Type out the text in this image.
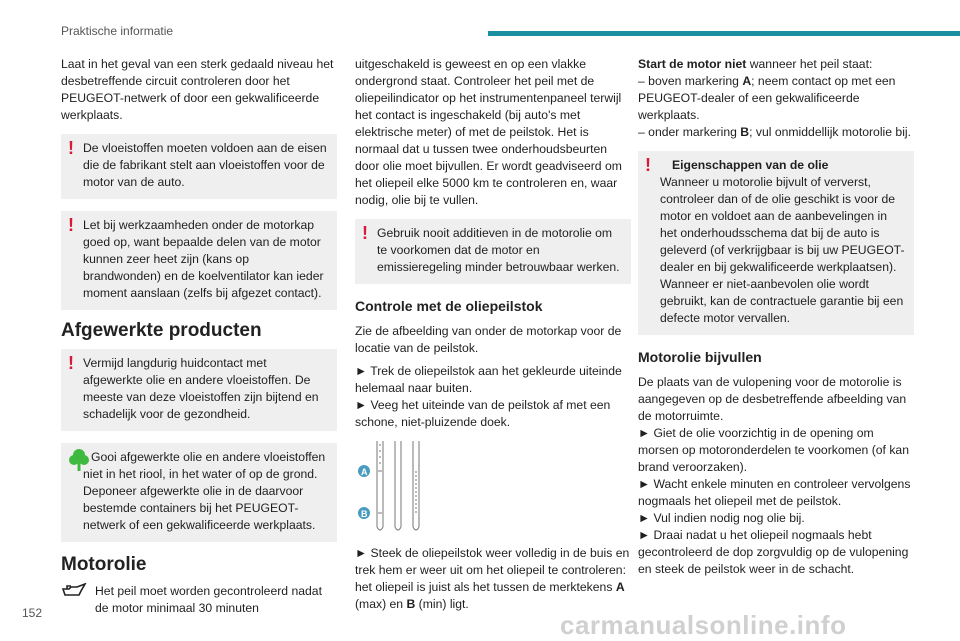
Praktische informatie

Laat in het geval van een sterk gedaald niveau het desbetreffende circuit controleren door het PEUGEOT-netwerk of door een gekwalificeerde werkplaats.

! De vloeistoffen moeten voldoen aan de eisen die de fabrikant stelt aan vloeistoffen voor de motor van de auto.
! Let bij werkzaamheden onder de motorkap goed op, want bepaalde delen van de motor kunnen zeer heet zijn (kans op brandwonden) en de koelventilator kan ieder moment aanslaan (zelfs bij afgezet contact).
Afgewerkte producten
! Vermijd langdurig huidcontact met afgewerkte olie en andere vloeistoffen. De meeste van deze vloeistoffen zijn bijtend en schadelijk voor de gezondheid.
Gooi afgewerkte olie en andere vloeistoffen niet in het riool, in het water of op de grond. Deponeer afgewerkte olie in de daarvoor bestemde containers bij het PEUGEOT-netwerk of een gekwalificeerde werkplaats.
Motorolie
Het peil moet worden gecontroleerd nadat de motor minimaal 30 minuten

uitgeschakeld is geweest en op een vlakke ondergrond staat. Controleer het peil met de oliepeilindicator op het instrumentenpaneel terwijl het contact is ingeschakeld (bij auto's met elektrische meter) of met de peilstok. Het is normaal dat u tussen twee onderhoudsbeurten door olie moet bijvullen. Er wordt geadviseerd om het oliepeil elke 5000 km te controleren en, waar nodig, olie bij te vullen.

! Gebruik nooit additieven in de motorolie om te voorkomen dat de motor en emissieregeling minder betrouwbaar werken.
Controle met de oliepeilstok

Zie de afbeelding van onder de motorkap voor de locatie van de peilstok.

► Trek de oliepeilstok aan het gekleurde uiteinde helemaal naar buiten.

► Veeg het uiteinde van de peilstok af met een schone, niet-pluizende doek.

A
B

► Steek de oliepeilstok weer volledig in de buis en trek hem er weer uit om het oliepeil te controleren: het oliepeil is juist als het tussen de merktekens A (max) en B (min) ligt.

Start de motor niet wanneer het peil staat:

– boven markering A; neem contact op met een PEUGEOT-dealer of een gekwalificeerde werkplaats.

– onder markering B; vul onmiddellijk motorolie bij.

!	Eigenschappen van de olie
Wanneer u motorolie bijvult of ververst, controleer dan of de olie geschikt is voor de motor en voldoet aan de aanbevelingen in het onderhoudsschema dat bij de auto is geleverd (of verkrijgbaar is bij uw PEUGEOT-dealer en bij gekwalificeerde werkplaatsen). Wanneer er niet-aanbevolen olie wordt gebruikt, kan de contractuele garantie bij een defecte motor vervallen.
Motorolie bijvullen

De plaats van de vulopening voor de motorolie is aangegeven op de desbetreffende afbeelding van de motorruimte.

► Giet de olie voorzichtig in de opening om morsen op motoronderdelen te voorkomen (of kan brand veroorzaken).

► Wacht enkele minuten en controleer vervolgens nogmaals het oliepeil met de peilstok.

► Vul indien nodig nog olie bij.

► Draai nadat u het oliepeil nogmaals hebt gecontroleerd de dop zorgvuldig op de vulopening en steek de peilstok weer in de schacht.

152	carmanualsonline.info
